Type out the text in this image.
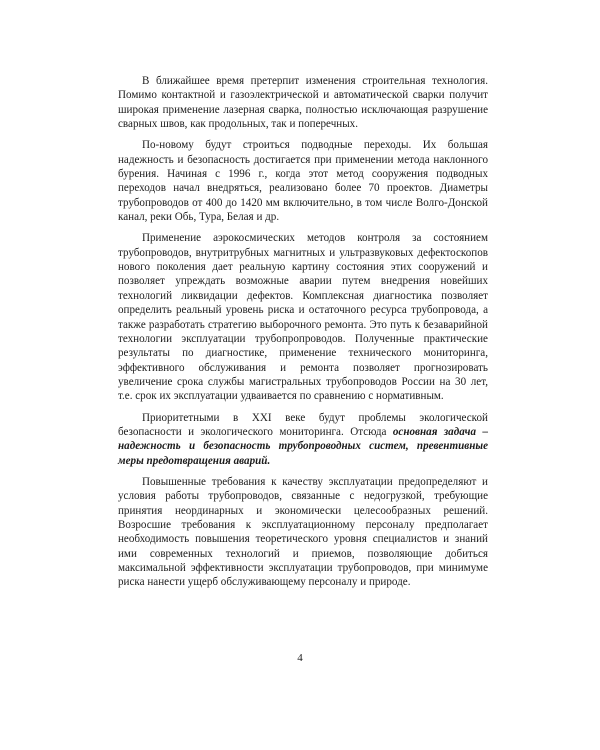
В ближайшее время претерпит изменения строительная технология. Помимо контактной и газоэлектрической и автоматической сварки получит широкая применение лазерная сварка, полностью исключающая разрушение сварных швов, как продольных, так и поперечных.

По-новому будут строиться подводные переходы. Их большая надежность и безопасность достигается при применении метода наклонного бурения. Начиная с 1996 г., когда этот метод сооружения подводных переходов начал внедряться, реализовано более 70 проектов. Диаметры трубопроводов от 400 до 1420 мм включительно, в том числе Волго-Донской канал, реки Обь, Тура, Белая и др.

Применение аэрокосмических методов контроля за состоянием трубопроводов, внутритрубных магнитных и ультразвуковых дефектоскопов нового поколения дает реальную картину состояния этих сооружений и позволяет упреждать возможные аварии путем внедрения новейших технологий ликвидации дефектов. Комплексная диагностика позволяет определить реальный уровень риска и остаточного ресурса трубопровода, а также разработать стратегию выборочного ремонта. Это путь к безаварийной технологии эксплуатации трубопропроводов. Полученные практические результаты по диагностике, применение технического мониторинга, эффективного обслуживания и ремонта позволяет прогнозировать увеличение срока службы магистральных трубопроводов России на 30 лет, т.е. срок их эксплуатации удваивается по сравнению с нормативным.

Приоритетными в XXI веке будут проблемы экологической безопасности и экологического мониторинга. Отсюда основная задача – надежность и безопасность трубопроводных систем, превентивные меры предотвращения аварий.

Повышенные требования к качеству эксплуатации предопределяют и условия работы трубопроводов, связанные с недогрузкой, требующие принятия неординарных и экономически целесообразных решений. Возросшие требования к эксплуатационному персоналу предполагает необходимость повышения теоретического уровня специалистов и знаний ими современных технологий и приемов, позволяющие добиться максимальной эффективности эксплуатации трубопроводов, при минимуме риска нанести ущерб обслуживающему персоналу и природе.

4
